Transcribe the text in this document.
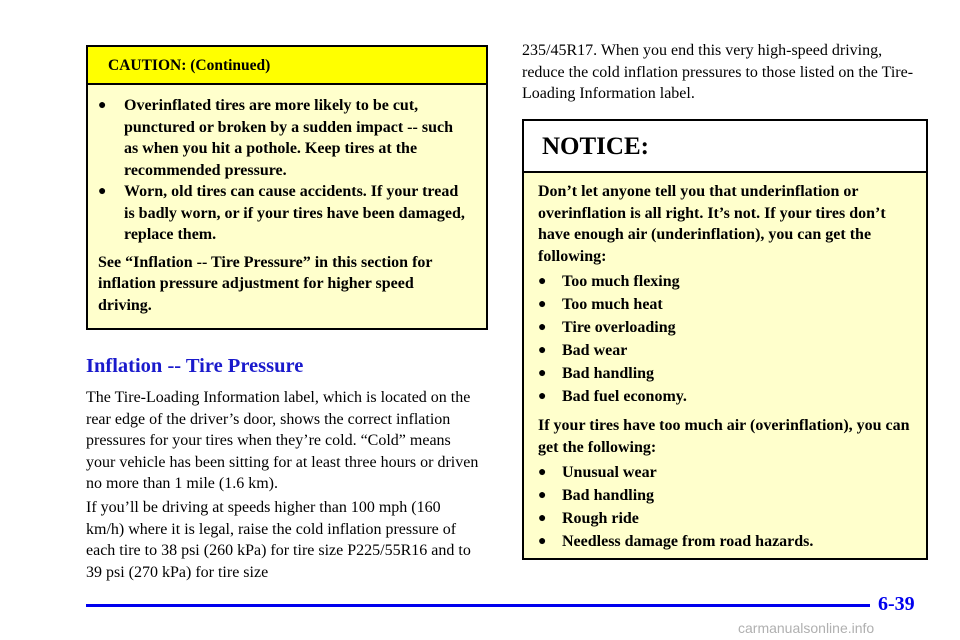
CAUTION: (Continued)
●	Overinflated tires are more likely to be cut, punctured or broken by a sudden impact -- such as when you hit a pothole. Keep tires at the recommended pressure.
●	Worn, old tires can cause accidents. If your tread is badly worn, or if your tires have been damaged, replace them.
See “Inflation -- Tire Pressure” in this section for inflation pressure adjustment for higher speed driving.
Inflation -- Tire Pressure
The Tire-Loading Information label, which is located on the rear edge of the driver’s door, shows the correct inflation pressures for your tires when they’re cold. “Cold” means your vehicle has been sitting for at least three hours or driven no more than 1 mile (1.6 km).
If you’ll be driving at speeds higher than 100 mph (160 km/h) where it is legal, raise the cold inflation pressure of each tire to 38 psi (260 kPa) for tire size P225/55R16 and to 39 psi (270 kPa) for tire size
235/45R17. When you end this very high-speed driving, reduce the cold inflation pressures to those listed on the Tire-Loading Information label.
NOTICE:
Don’t let anyone tell you that underinflation or overinflation is all right. It’s not. If your tires don’t have enough air (underinflation), you can get the following:
● Too much flexing
● Too much heat
● Tire overloading
● Bad wear
● Bad handling
● Bad fuel economy.
If your tires have too much air (overinflation), you can get the following:
● Unusual wear
● Bad handling
● Rough ride
● Needless damage from road hazards.
6-39
carmanualsonline.info
